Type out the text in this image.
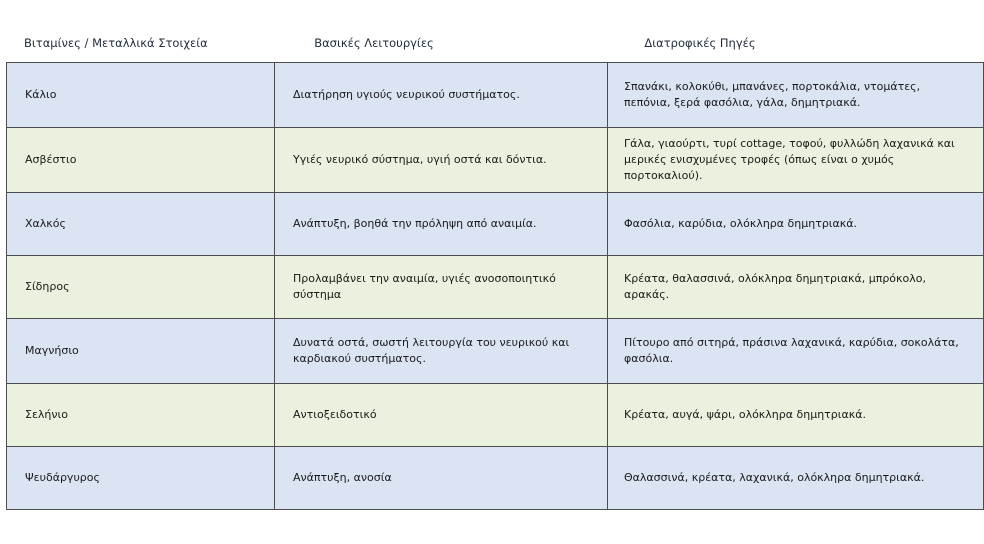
Βιταμίνες / Μεταλλικά Στοιχεία	Βασικές Λειτουργίες	Διατροφικές Πηγές
Κάλιο	Διατήρηση υγιούς νευρικού συστήματος.	Σπανάκι, κολοκύθι, μπανάνες, πορτοκάλια, ντομάτες, πεπόνια, ξερά φασόλια, γάλα, δημητριακά.
Ασβέστιο	Υγιές νευρικό σύστημα, υγιή οστά και δόντια.	Γάλα, γιαούρτι, τυρί cottage, τοφού, φυλλώδη λαχανικά και μερικές ενισχυμένες τροφές (όπως είναι ο χυμός πορτοκαλιού).
Χαλκός	Ανάπτυξη, βοηθά την πρόληψη από αναιμία.	Φασόλια, καρύδια, ολόκληρα δημητριακά.
Σίδηρος	Προλαμβάνει την αναιμία, υγιές ανοσοποιητικό σύστημα	Κρέατα, θαλασσινά, ολόκληρα δημητριακά, μπρόκολο, αρακάς.
Μαγνήσιο	Δυνατά οστά, σωστή λειτουργία του νευρικού και καρδιακού συστήματος.	Πίτουρο από σιτηρά, πράσινα λαχανικά, καρύδια, σοκολάτα, φασόλια.
Σελήνιο	Αντιοξειδοτικό	Κρέατα, αυγά, ψάρι, ολόκληρα δημητριακά.
Ψευδάργυρος	Ανάπτυξη, ανοσία	Θαλασσινά, κρέατα, λαχανικά, ολόκληρα δημητριακά.
